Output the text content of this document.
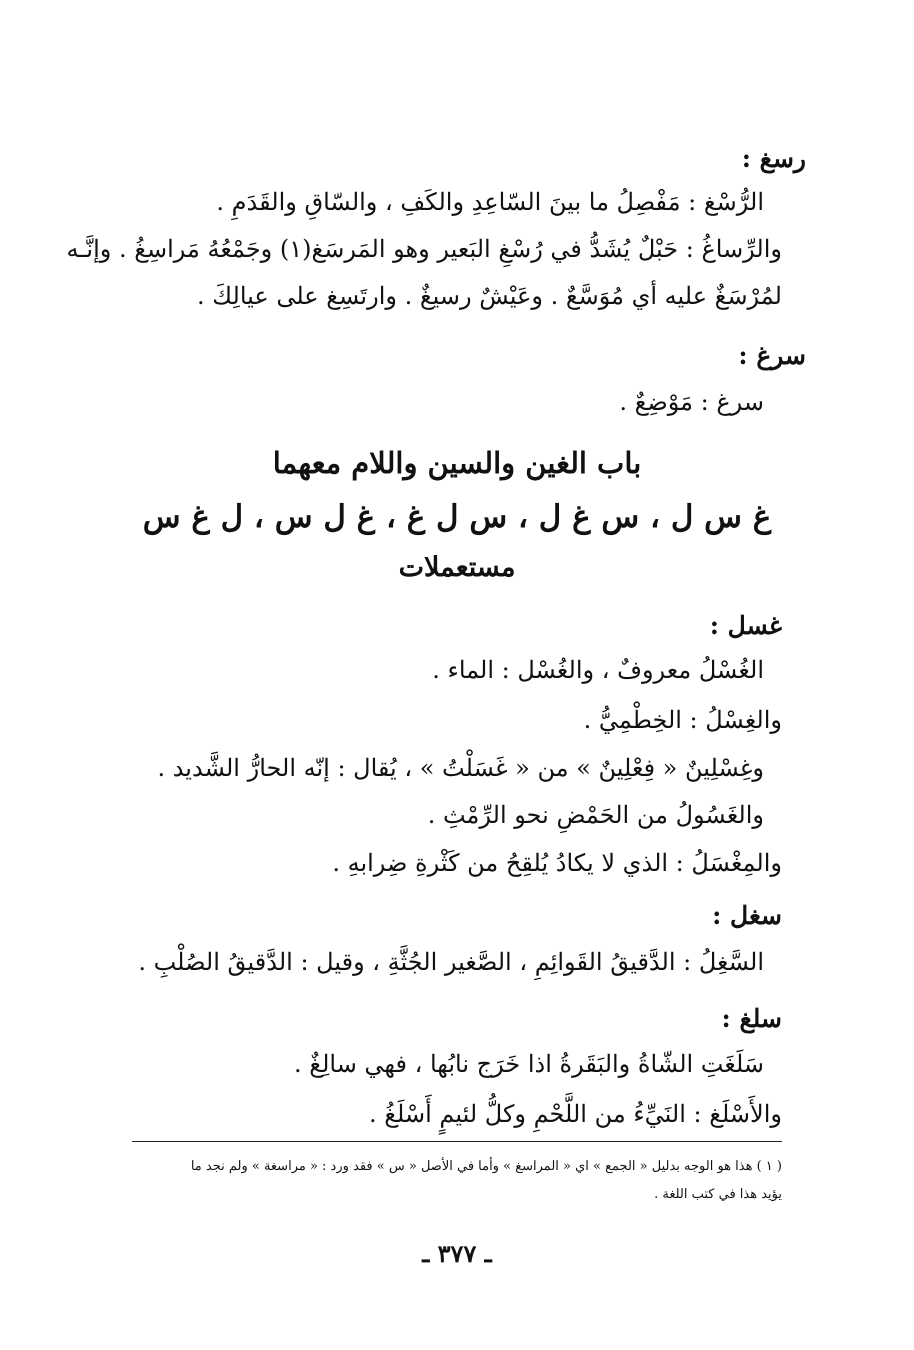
رسغ :
الرُّسْغ : مَفْصِلُ ما بينَ السّاعِدِ والكَفِ ، والسّاقِ والقَدَمِ .
والرِّساغُ : حَبْلٌ يُشَدُّ في رُسْغِ البَعير وهو المَرسَغ(١) وجَمْعُهُ مَراسِغُ . وإنَّـه
لمُرْسَغٌ عليه أي مُوَسَّعٌ . وعَيْشٌ رسيغٌ . وارتَسِغ على عيالِكَ .
سرغ :
سرغ : مَوْضِعٌ .
باب الغين والسين واللام معهما
غ س ل ، س غ ل ، س ل غ ، غ ل س ، ل غ س
مستعملات
غسل :
الغُسْلُ معروفٌ ، والغُسْل : الماء .
والغِسْلُ : الخِطْمِيُّ .
وغِسْلِينٌ « فِعْلِينٌ » من « غَسَلْتُ » ، يُقال : إنّه الحارُّ الشَّديد .
والغَسُولُ من الحَمْضِ نحو الرِّمْثِ .
والمِغْسَلُ : الذي لا يكادُ يُلقِحُ من كَثْرةِ ضِرابهِ .
سغل :
السَّغِلُ : الدَّقيقُ القَوائِمِ ، الصَّغير الجُثَّةِ ، وقيل : الدَّقيقُ الصُلْبِ .
سلغ :
سَلَغَتِ الشّاةُ والبَقَرةُ اذا خَرَج نابُها ، فهي سالِغٌ .
والأَسْلَغ : النَيِّءُ من اللَّحْمِ وكلُّ لئيمٍ أَسْلَغُ .
( ١ ) هذا هو الوجه بدليل « الجمع » اي « المراسغ » وأما في الأصل « س » فقد ورد : « مراسغة » ولم نجد ما
يؤيد هذا في كتب اللغة .
ـ ٣٧٧ ـ
